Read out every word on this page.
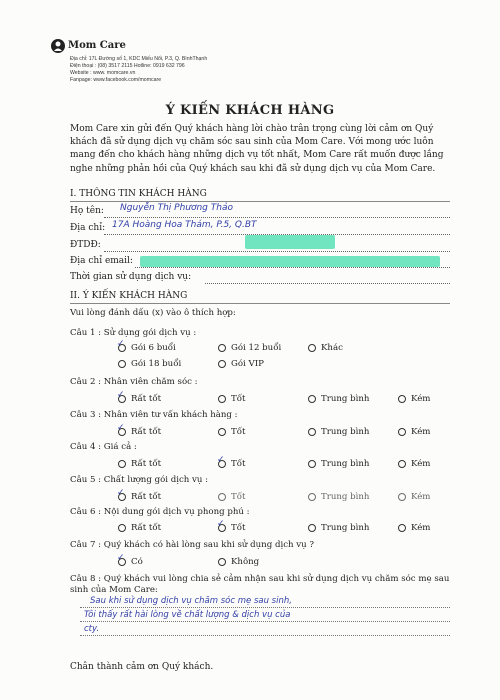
Mom Care
Địa chỉ: 17L Đường số 1, KDC Miếu Nổi, P.3, Q. BìnhThạnh
Điện thoại : (08) 3517 2115 Hotline: 0919 632 796
Website : www. momcare.vn
Fanpage: www.facebook.com/momcare
Ý KIẾN KHÁCH HÀNG
Mom Care xin gửi đến Quý khách hàng lời chào trân trọng cùng lời cảm ơn Quý khách đã sử dụng dịch vụ chăm sóc sau sinh của Mom Care. Với mong ước luôn mang đến cho khách hàng những dịch vụ tốt nhất, Mom Care rất muốn được lắng nghe những phản hồi của Quý khách sau khi đã sử dụng dịch vụ của Mom Care.
I. THÔNG TIN KHÁCH HÀNG
Họ tên: Nguyễn Thị Phương Thảo
Địa chỉ: 17A Hoàng Hoa Thám, P.5, Q.BT
ĐTDĐ:
Địa chỉ email:
Thời gian sử dụng dịch vụ:
II. Ý KIẾN KHÁCH HÀNG
Vui lòng đánh dấu (x) vào ô thích hợp:
Câu 1 : Sử dụng gói dịch vụ :
✓
Gói 6 buổi	Gói 12 buổi	Khác
Gói 18 buổi	Gói VIP
Câu 2 : Nhân viên chăm sóc :
✓
Rất tốt	Tốt	Trung bình	Kém
Câu 3 : Nhân viên tư vấn khách hàng :
✓
Rất tốt	Tốt	Trung bình	Kém
Câu 4 : Giá cả :
Rất tốt ✓	Tốt	Trung bình	Kém
Câu 5 : Chất lượng gói dịch vụ :
✓
Rất tốt	Tốt	Trung bình	Kém
Câu 6 : Nội dung gói dịch vụ phong phú :
Rất tốt ✓	Tốt	Trung bình	Kém
Câu 7 : Quý khách có hài lòng sau khi sử dụng dịch vụ ?
✓
Có	Không
Câu 8 : Quý khách vui lòng chia sẻ cảm nhận sau khi sử dụng dịch vụ chăm sóc mẹ sau sinh của Mom Care:
Sau khi sử dụng dịch vụ chăm sóc mẹ sau sinh,
Tôi thấy rất hài lòng về chất lượng & dịch vụ của
cty.
Chân thành cảm ơn Quý khách.
